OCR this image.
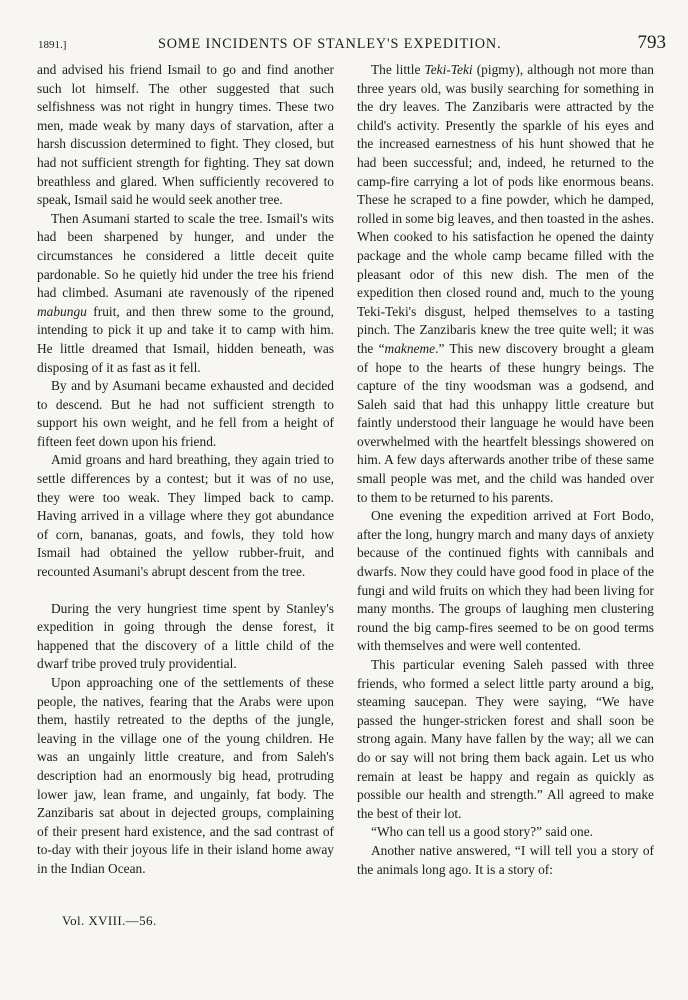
1891.]	SOME INCIDENTS OF STANLEY'S EXPEDITION.	793

and advised his friend Ismail to go and find another such lot himself. The other suggested that such selfishness was not right in hungry times. These two men, made weak by many days of starvation, after a harsh discussion determined to fight. They closed, but had not sufficient strength for fighting. They sat down breathless and glared. When sufficiently recovered to speak, Ismail said he would seek another tree.

Then Asumani started to scale the tree. Ismail's wits had been sharpened by hunger, and under the circumstances he considered a little deceit quite pardonable. So he quietly hid under the tree his friend had climbed. Asumani ate ravenously of the ripened mabungu fruit, and then threw some to the ground, intending to pick it up and take it to camp with him. He little dreamed that Ismail, hidden beneath, was disposing of it as fast as it fell.

By and by Asumani became exhausted and decided to descend. But he had not sufficient strength to support his own weight, and he fell from a height of fifteen feet down upon his friend.

Amid groans and hard breathing, they again tried to settle differences by a contest; but it was of no use, they were too weak. They limped back to camp. Having arrived in a village where they got abundance of corn, bananas, goats, and fowls, they told how Ismail had obtained the yellow rubber-fruit, and recounted Asumani's abrupt descent from the tree.

During the very hungriest time spent by Stanley's expedition in going through the dense forest, it happened that the discovery of a little child of the dwarf tribe proved truly providential.

Upon approaching one of the settlements of these people, the natives, fearing that the Arabs were upon them, hastily retreated to the depths of the jungle, leaving in the village one of the young children. He was an ungainly little creature, and from Saleh's description had an enormously big head, protruding lower jaw, lean frame, and ungainly, fat body. The Zanzibaris sat about in dejected groups, complaining of their present hard existence, and the sad contrast of to-day with their joyous life in their island home away in the Indian Ocean.

Vol. XVIII.—56.

The little Teki-Teki (pigmy), although not more than three years old, was busily searching for something in the dry leaves. The Zanzibaris were attracted by the child's activity. Presently the sparkle of his eyes and the increased earnestness of his hunt showed that he had been successful; and, indeed, he returned to the camp-fire carrying a lot of pods like enormous beans. These he scraped to a fine powder, which he damped, rolled in some big leaves, and then toasted in the ashes. When cooked to his satisfaction he opened the dainty package and the whole camp became filled with the pleasant odor of this new dish. The men of the expedition then closed round and, much to the young Teki-Teki's disgust, helped themselves to a tasting pinch. The Zanzibaris knew the tree quite well; it was the “makneme.” This new discovery brought a gleam of hope to the hearts of these hungry beings. The capture of the tiny woodsman was a godsend, and Saleh said that had this unhappy little creature but faintly understood their language he would have been overwhelmed with the heartfelt blessings showered on him. A few days afterwards another tribe of these same small people was met, and the child was handed over to them to be returned to his parents.

One evening the expedition arrived at Fort Bodo, after the long, hungry march and many days of anxiety because of the continued fights with cannibals and dwarfs. Now they could have good food in place of the fungi and wild fruits on which they had been living for many months. The groups of laughing men clustering round the big camp-fires seemed to be on good terms with themselves and were well contented.

This particular evening Saleh passed with three friends, who formed a select little party around a big, steaming saucepan. They were saying, “We have passed the hunger-stricken forest and shall soon be strong again. Many have fallen by the way; all we can do or say will not bring them back again. Let us who remain at least be happy and regain as quickly as possible our health and strength.” All agreed to make the best of their lot.

“Who can tell us a good story?” said one.

Another native answered, “I will tell you a story of the animals long ago. It is a story of:
